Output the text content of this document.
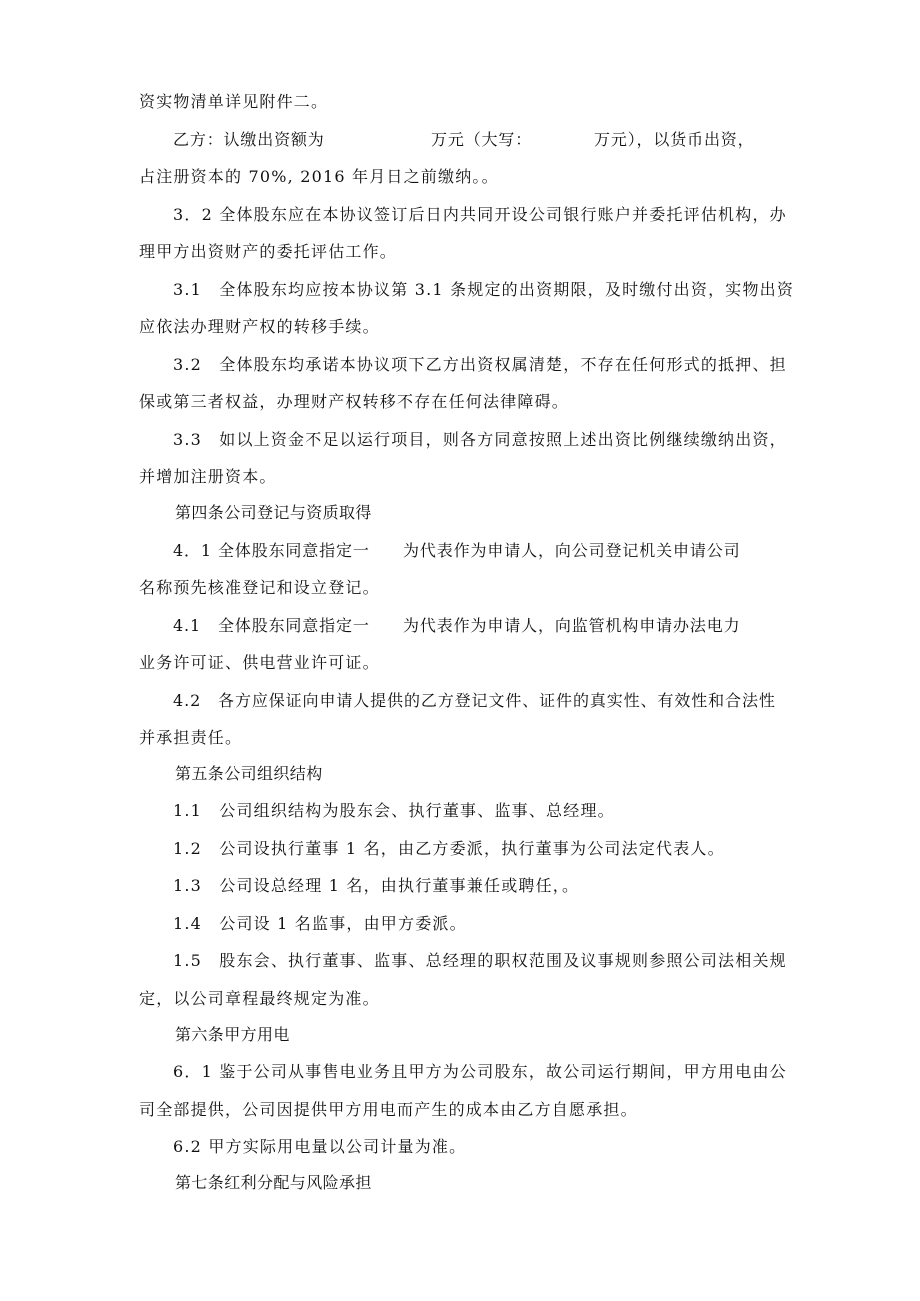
资实物清单详见附件二。

乙方：认缴出资额为	万元（大写：	万元），以货币出资，

占注册资本的 70%, 2016 年月日之前缴纳。。

3．2 全体股东应在本协议签订后日内共同开设公司银行账户并委托评估机构，办

理甲方出资财产的委托评估工作。

3.1　全体股东均应按本协议第 3.1 条规定的出资期限，及时缴付出资，实物出资

应依法办理财产权的转移手续。

3.2　全体股东均承诺本协议项下乙方出资权属清楚，不存在任何形式的抵押、担

保或第三者权益，办理财产权转移不存在任何法律障碍。

3.3　如以上资金不足以运行项目，则各方同意按照上述出资比例继续缴纳出资，

并增加注册资本。

第四条公司登记与资质取得

4．1 全体股东同意指定一 为代表作为申请人，向公司登记机关申请公司

名称预先核准登记和设立登记。

4.1　全体股东同意指定一 为代表作为申请人，向监管机构申请办法电力

业务许可证、供电营业许可证。

4.2　各方应保证向申请人提供的乙方登记文件、证件的真实性、有效性和合法性

并承担责任。

第五条公司组织结构

1.1　公司组织结构为股东会、执行董事、监事、总经理。

1.2　公司设执行董事 1 名，由乙方委派，执行董事为公司法定代表人。

1.3　公司设总经理 1 名，由执行董事兼任或聘任，。

1.4　公司设 1 名监事，由甲方委派。

1.5　股东会、执行董事、监事、总经理的职权范围及议事规则参照公司法相关规

定，以公司章程最终规定为准。

第六条甲方用电

6．1 鉴于公司从事售电业务且甲方为公司股东，故公司运行期间，甲方用电由公

司全部提供，公司因提供甲方用电而产生的成本由乙方自愿承担。

6.2 甲方实际用电量以公司计量为准。

第七条红利分配与风险承担
